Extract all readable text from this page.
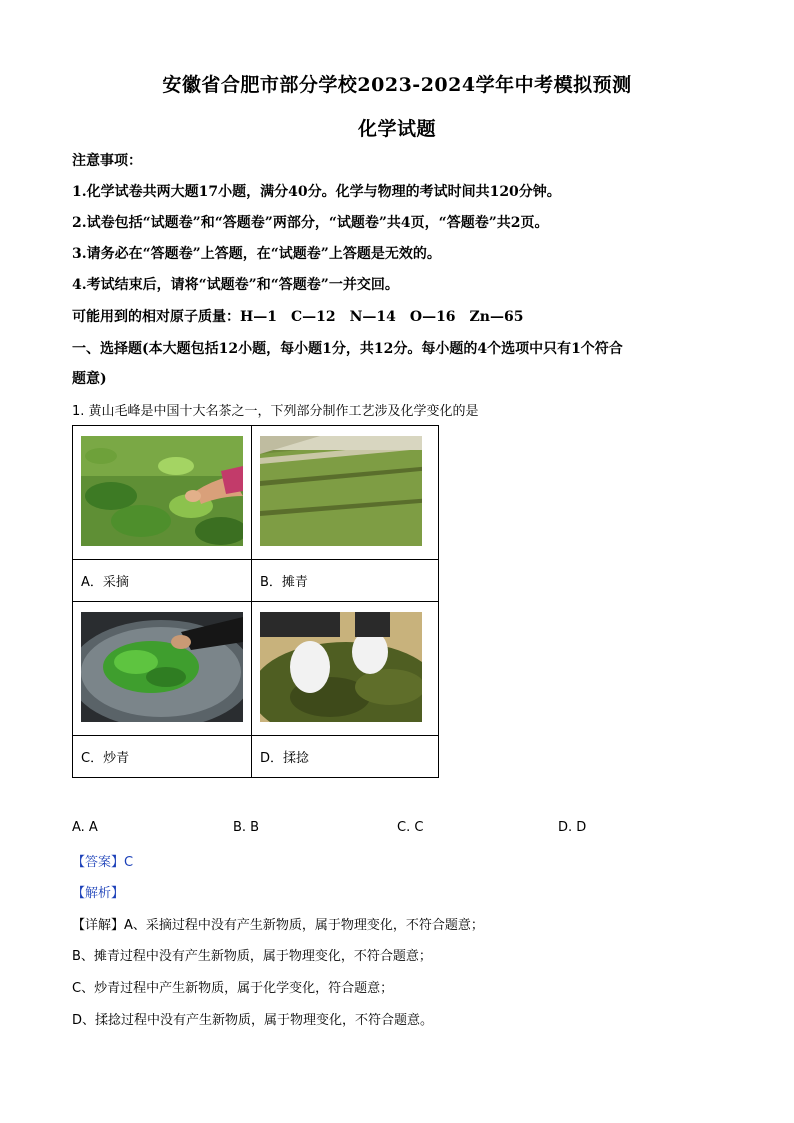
安徽省合肥市部分学校2023-2024学年中考模拟预测
化学试题
注意事项：
1.化学试卷共两大题17小题，满分40分。化学与物理的考试时间共120分钟。
2.试卷包括“试题卷”和“答题卷”两部分，“试题卷”共4页，“答题卷”共2页。
3.请务必在“答题卷”上答题，在“试题卷”上答题是无效的。
4.考试结束后，请将“试题卷”和“答题卷”一并交回。
可能用到的相对原子质量：H—1　C—12　N—14　O—16　Zn—65
一、选择题(本大题包括12小题，每小题1分，共12分。每小题的4个选项中只有1个符合
题意)
1. 黄山毛峰是中国十大名茶之一，下列部分制作工艺涉及化学变化的是

A．采摘	B．摊青

C．炒青	D．揉捻
A. A	B. B	C. C	D. D
【答案】C
【解析】
【详解】A、采摘过程中没有产生新物质，属于物理变化，不符合题意；
B、摊青过程中没有产生新物质，属于物理变化，不符合题意；
C、炒青过程中产生新物质，属于化学变化，符合题意；
D、揉捻过程中没有产生新物质，属于物理变化，不符合题意。
